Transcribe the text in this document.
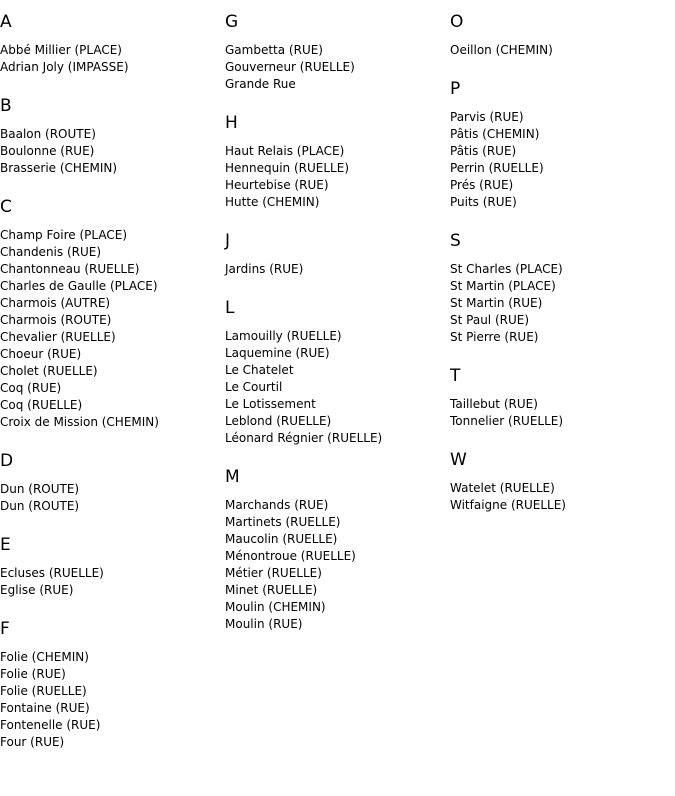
A
Abbé Millier (PLACE)
Adrian Joly (IMPASSE)
B
Baalon (ROUTE)
Boulonne (RUE)
Brasserie (CHEMIN)
C
Champ Foire (PLACE)
Chandenis (RUE)
Chantonneau (RUELLE)
Charles de Gaulle (PLACE)
Charmois (AUTRE)
Charmois (ROUTE)
Chevalier (RUELLE)
Choeur (RUE)
Cholet (RUELLE)
Coq (RUE)
Coq (RUELLE)
Croix de Mission (CHEMIN)
D
Dun (ROUTE)
Dun (ROUTE)
E
Ecluses (RUELLE)
Eglise (RUE)
F
Folie (CHEMIN)
Folie (RUE)
Folie (RUELLE)
Fontaine (RUE)
Fontenelle (RUE)
Four (RUE)
G
Gambetta (RUE)
Gouverneur (RUELLE)
Grande Rue
H
Haut Relais (PLACE)
Hennequin (RUELLE)
Heurtebise (RUE)
Hutte (CHEMIN)
J
Jardins (RUE)
L
Lamouilly (RUELLE)
Laquemine (RUE)
Le Chatelet
Le Courtil
Le Lotissement
Leblond (RUELLE)
Léonard Régnier (RUELLE)
M
Marchands (RUE)
Martinets (RUELLE)
Maucolin (RUELLE)
Ménontroue (RUELLE)
Métier (RUELLE)
Minet (RUELLE)
Moulin (CHEMIN)
Moulin (RUE)
O
Oeillon (CHEMIN)
P
Parvis (RUE)
Pâtis (CHEMIN)
Pâtis (RUE)
Perrin (RUELLE)
Prés (RUE)
Puits (RUE)
S
St Charles (PLACE)
St Martin (PLACE)
St Martin (RUE)
St Paul (RUE)
St Pierre (RUE)
T
Taillebut (RUE)
Tonnelier (RUELLE)
W
Watelet (RUELLE)
Witfaigne (RUELLE)
